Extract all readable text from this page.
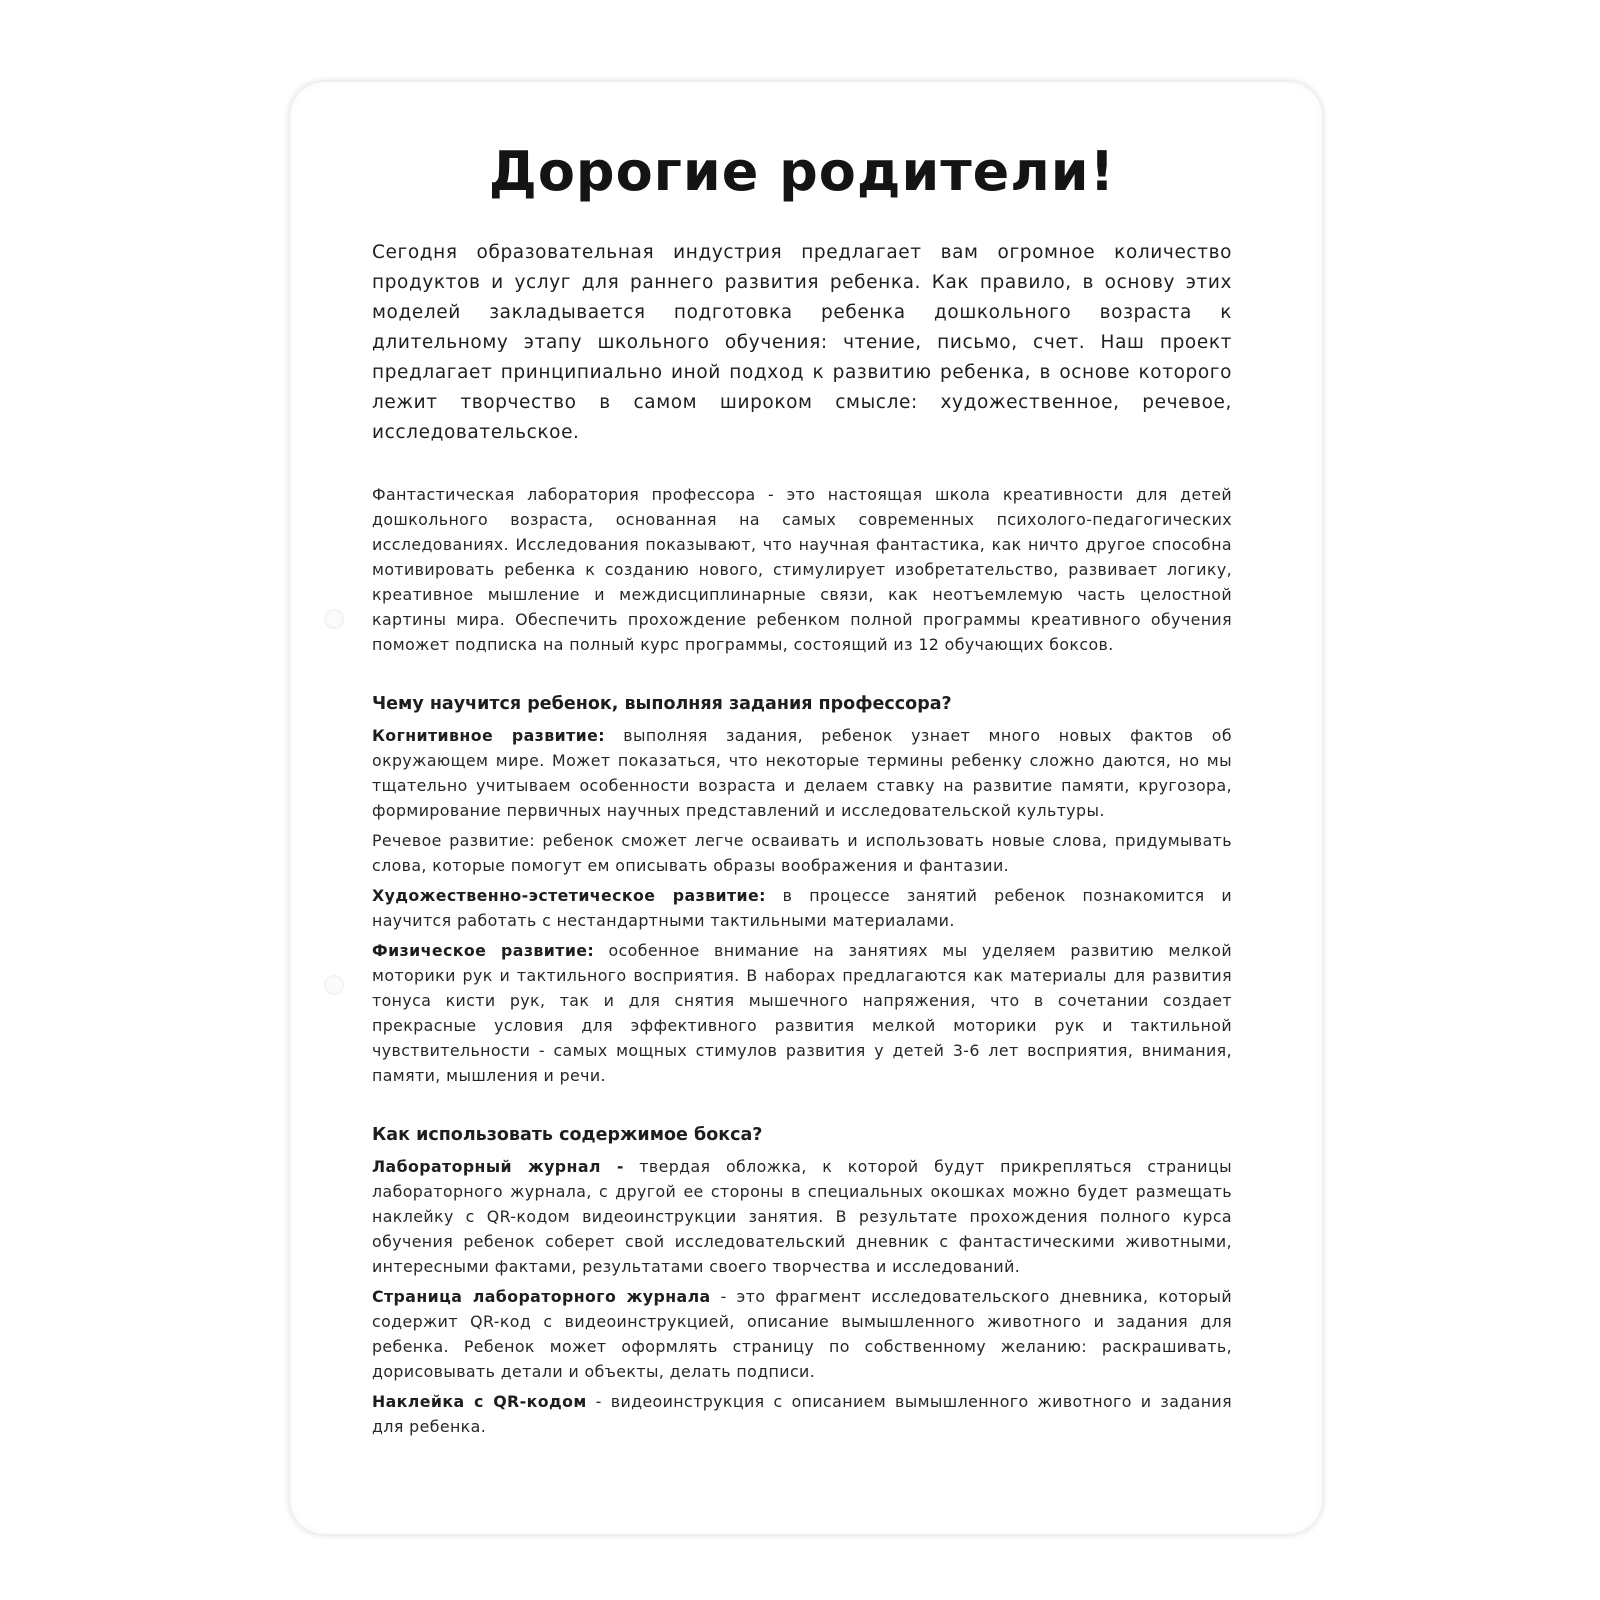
Дорогие родители!

Сегодня образовательная индустрия предлагает вам огромное количество продуктов и услуг для раннего развития ребенка. Как правило, в основу этих моделей закладывается подготовка ребенка дошкольного возраста к длительному этапу школьного обучения: чтение, письмо, счет. Наш проект предлагает принципиально иной подход к развитию ребенка, в основе которого лежит творчество в самом широком смысле: художественное, речевое, исследовательское.

Фантастическая лаборатория профессора - это настоящая школа креативности для детей дошкольного возраста, основанная на самых современных психолого-педагогических исследованиях. Исследования показывают, что научная фантастика, как ничто другое способна мотивировать ребенка к созданию нового, стимулирует изобретательство, развивает логику, креативное мышление и междисциплинарные связи, как неотъемлемую часть целостной картины мира. Обеспечить прохождение ребенком полной программы креативного обучения поможет подписка на полный курс программы, состоящий из 12 обучающих боксов.

Чему научится ребенок, выполняя задания профессора?

Когнитивное развитие: выполняя задания, ребенок узнает много новых фактов об окружающем мире. Может показаться, что некоторые термины ребенку сложно даются, но мы тщательно учитываем особенности возраста и делаем ставку на развитие памяти, кругозора, формирование первичных научных представлений и исследовательской культуры.

Речевое развитие: ребенок сможет легче осваивать и использовать новые слова, придумывать слова, которые помогут ем описывать образы воображения и фантазии.

Художественно-эстетическое развитие: в процессе занятий ребенок познакомится и научится работать с нестандартными тактильными материалами.

Физическое развитие: особенное внимание на занятиях мы уделяем развитию мелкой моторики рук и тактильного восприятия. В наборах предлагаются как материалы для развития тонуса кисти рук, так и для снятия мышечного напряжения, что в сочетании создает прекрасные условия для эффективного развития мелкой моторики рук и тактильной чувствительности - самых мощных стимулов развития у детей 3-6 лет восприятия, внимания, памяти, мышления и речи.

Как использовать содержимое бокса?

Лабораторный журнал - твердая обложка, к которой будут прикрепляться страницы лабораторного журнала, с другой ее стороны в специальных окошках можно будет размещать наклейку с QR-кодом видеоинструкции занятия. В результате прохождения полного курса обучения ребенок соберет свой исследовательский дневник с фантастическими животными, интересными фактами, результатами своего творчества и исследований.

Страница лабораторного журнала - это фрагмент исследовательского дневника, который содержит QR-код с видеоинструкцией, описание вымышленного животного и задания для ребенка. Ребенок может оформлять страницу по собственному желанию: раскрашивать, дорисовывать детали и объекты, делать подписи.

Наклейка с QR-кодом - видеоинструкция с описанием вымышленного животного и задания для ребенка.
